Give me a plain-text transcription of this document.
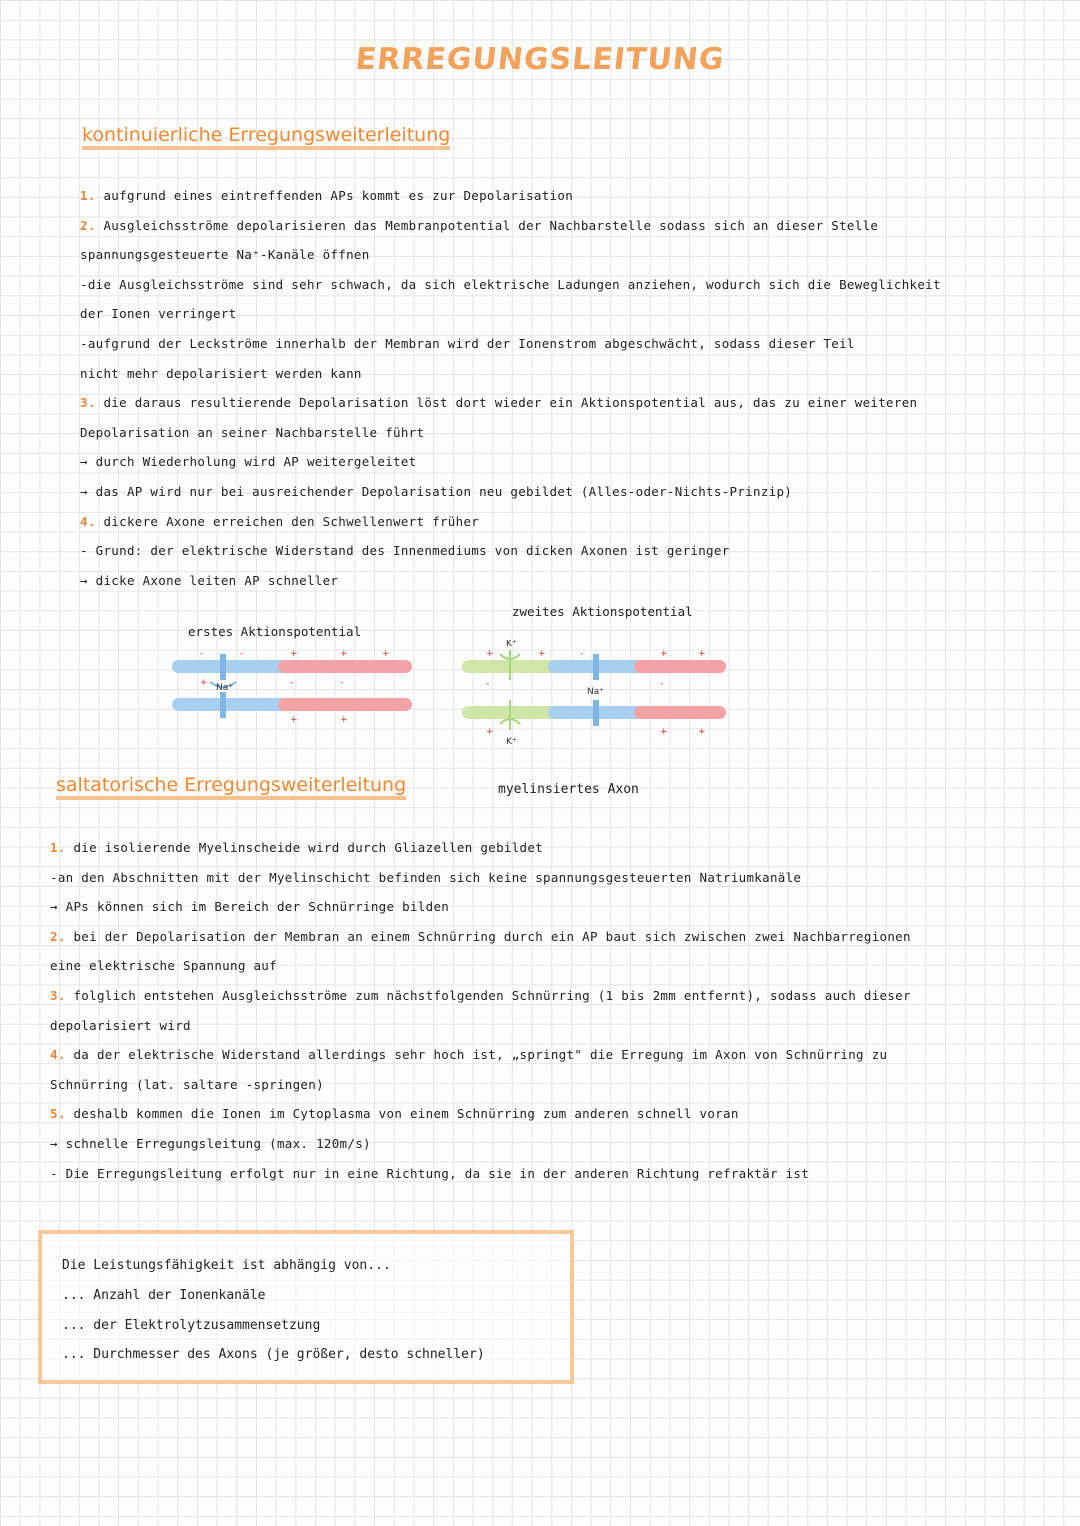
ERREGUNGSLEITUNG
kontinuierliche Erregungsweiterleitung
1. aufgrund eines eintreffenden APs kommt es zur Depolarisation
2. Ausgleichsströme depolarisieren das Membranpotential der Nachbarstelle sodass sich an dieser Stelle
spannungsgesteuerte Na⁺-Kanäle öffnen
-die Ausgleichsströme sind sehr schwach, da sich elektrische Ladungen anziehen, wodurch sich die Beweglichkeit
der Ionen verringert
-aufgrund der Leckströme innerhalb der Membran wird der Ionenstrom abgeschwächt, sodass dieser Teil
nicht mehr depolarisiert werden kann
3. die daraus resultierende Depolarisation löst dort wieder ein Aktionspotential aus, das zu einer weiteren
Depolarisation an seiner Nachbarstelle führt
→ durch Wiederholung wird AP weitergeleitet
→ das AP wird nur bei ausreichender Depolarisation neu gebildet (Alles-oder-Nichts-Prinzip)
4. dickere Axone erreichen den Schwellenwert früher
- Grund: der elektrische Widerstand des Innenmediums von dicken Axonen ist geringer
→ dicke Axone leiten AP schneller
erstes Aktionspotential
zweites Aktionspotential
Na⁺
-	-	+	+	+
+	-	-
+	+
K⁺
K⁺
Na⁺
+	+	-	+	+
-	-
+	+	+
saltatorische Erregungsweiterleitung	myelinsiertes Axon
1. die isolierende Myelinscheide wird durch Gliazellen gebildet
-an den Abschnitten mit der Myelinschicht befinden sich keine spannungsgesteuerten Natriumkanäle
→ APs können sich im Bereich der Schnürringe bilden
2. bei der Depolarisation der Membran an einem Schnürring durch ein AP baut sich zwischen zwei Nachbarregionen
eine elektrische Spannung auf
3. folglich entstehen Ausgleichsströme zum nächstfolgenden Schnürring (1 bis 2mm entfernt), sodass auch dieser
depolarisiert wird
4. da der elektrische Widerstand allerdings sehr hoch ist, „springt" die Erregung im Axon von Schnürring zu
Schnürring (lat. saltare -springen)
5. deshalb kommen die Ionen im Cytoplasma von einem Schnürring zum anderen schnell voran
→ schnelle Erregungsleitung (max. 120m/s)
- Die Erregungsleitung erfolgt nur in eine Richtung, da sie in der anderen Richtung refraktär ist
Die Leistungsfähigkeit ist abhängig von...
... Anzahl der Ionenkanäle
... der Elektrolytzusammensetzung
... Durchmesser des Axons (je größer, desto schneller)
